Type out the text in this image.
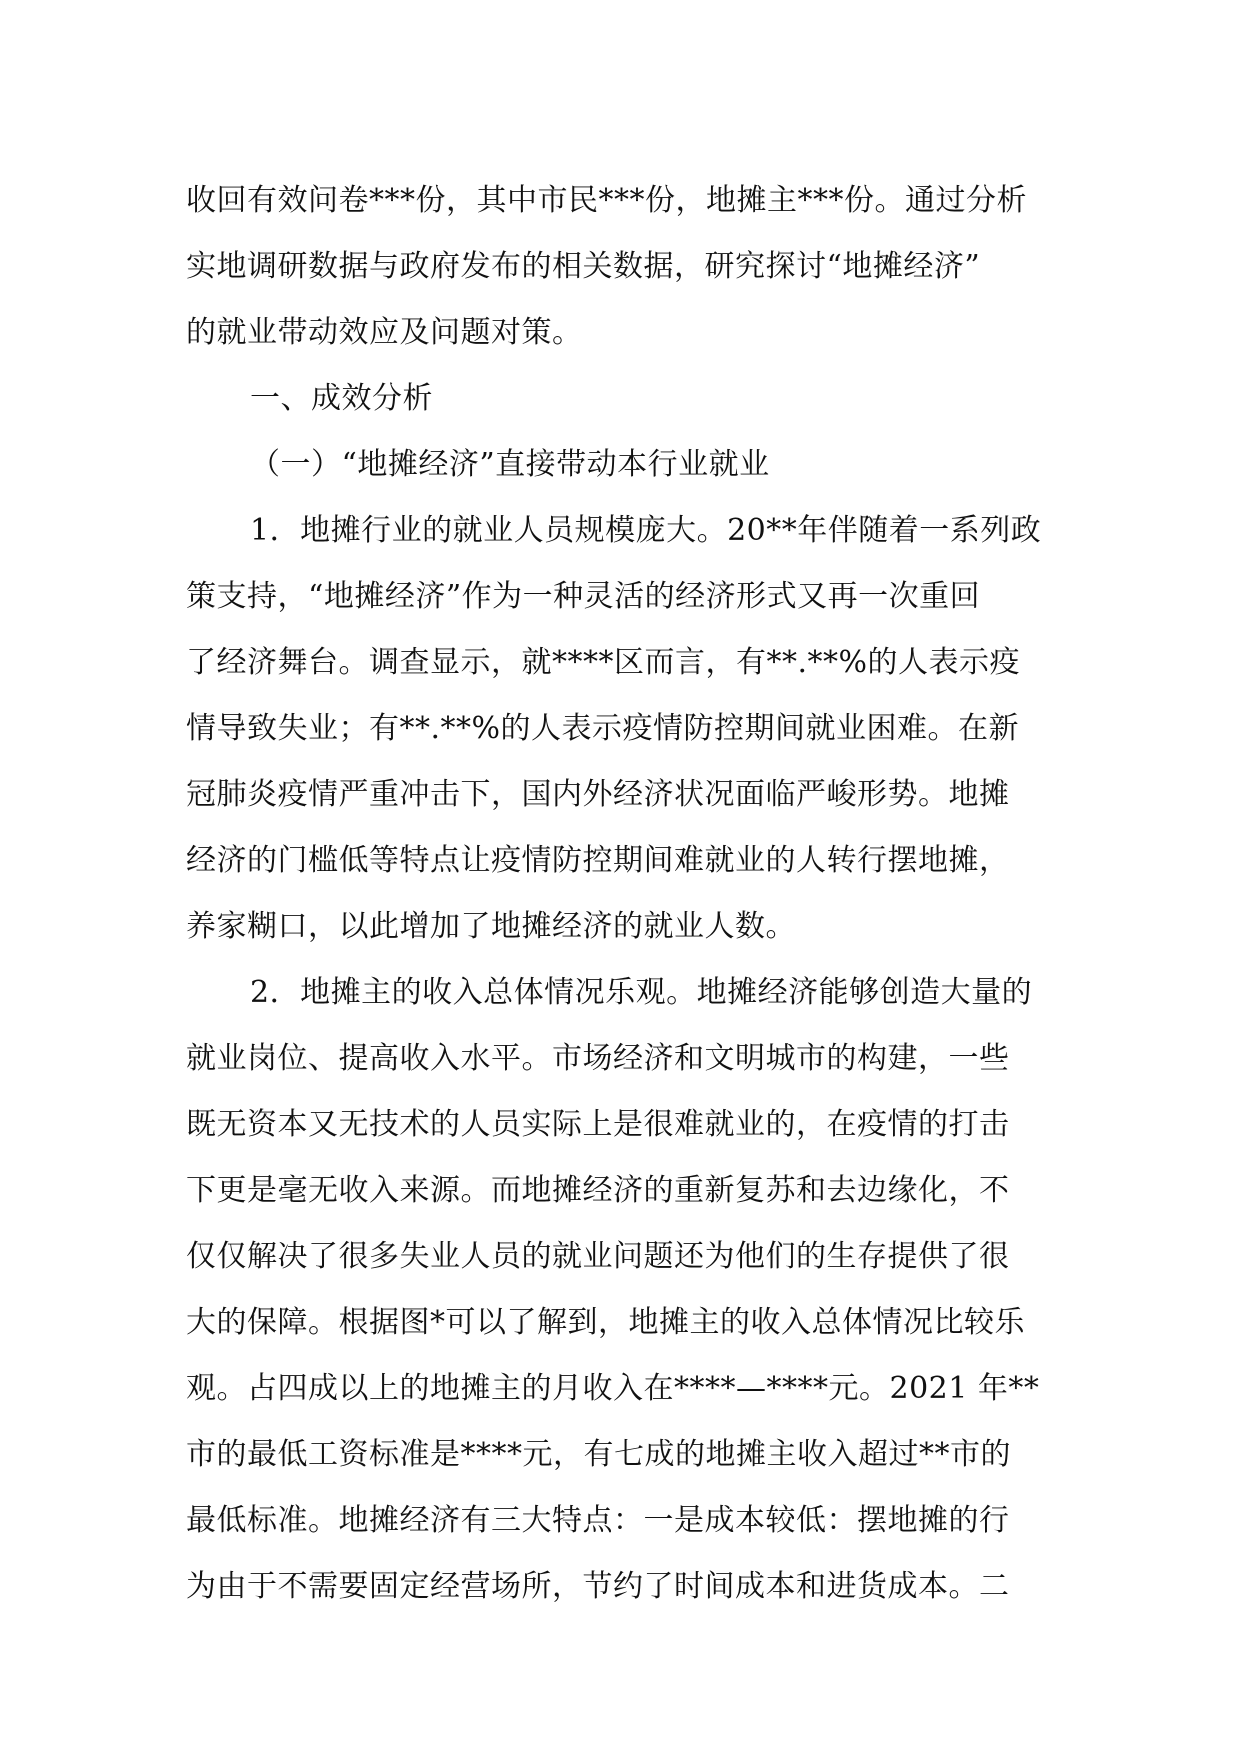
收回有效问卷***份，其中市民***份，地摊主***份。通过分析
实地调研数据与政府发布的相关数据，研究探讨“地摊经济”
的就业带动效应及问题对策。
一、成效分析
（一）“地摊经济”直接带动本行业就业
1．地摊行业的就业人员规模庞大。20**年伴随着一系列政
策支持，“地摊经济”作为一种灵活的经济形式又再一次重回
了经济舞台。调查显示，就****区而言，有**.**%的人表示疫
情导致失业；有**.**%的人表示疫情防控期间就业困难。在新
冠肺炎疫情严重冲击下，国内外经济状况面临严峻形势。地摊
经济的门槛低等特点让疫情防控期间难就业的人转行摆地摊，
养家糊口，以此增加了地摊经济的就业人数。
2．地摊主的收入总体情况乐观。地摊经济能够创造大量的
就业岗位、提高收入水平。市场经济和文明城市的构建，一些
既无资本又无技术的人员实际上是很难就业的，在疫情的打击
下更是毫无收入来源。而地摊经济的重新复苏和去边缘化，不
仅仅解决了很多失业人员的就业问题还为他们的生存提供了很
大的保障。根据图*可以了解到，地摊主的收入总体情况比较乐
观。占四成以上的地摊主的月收入在****—****元。2021 年**
市的最低工资标准是****元，有七成的地摊主收入超过**市的
最低标准。地摊经济有三大特点：一是成本较低：摆地摊的行
为由于不需要固定经营场所，节约了时间成本和进货成本。二
